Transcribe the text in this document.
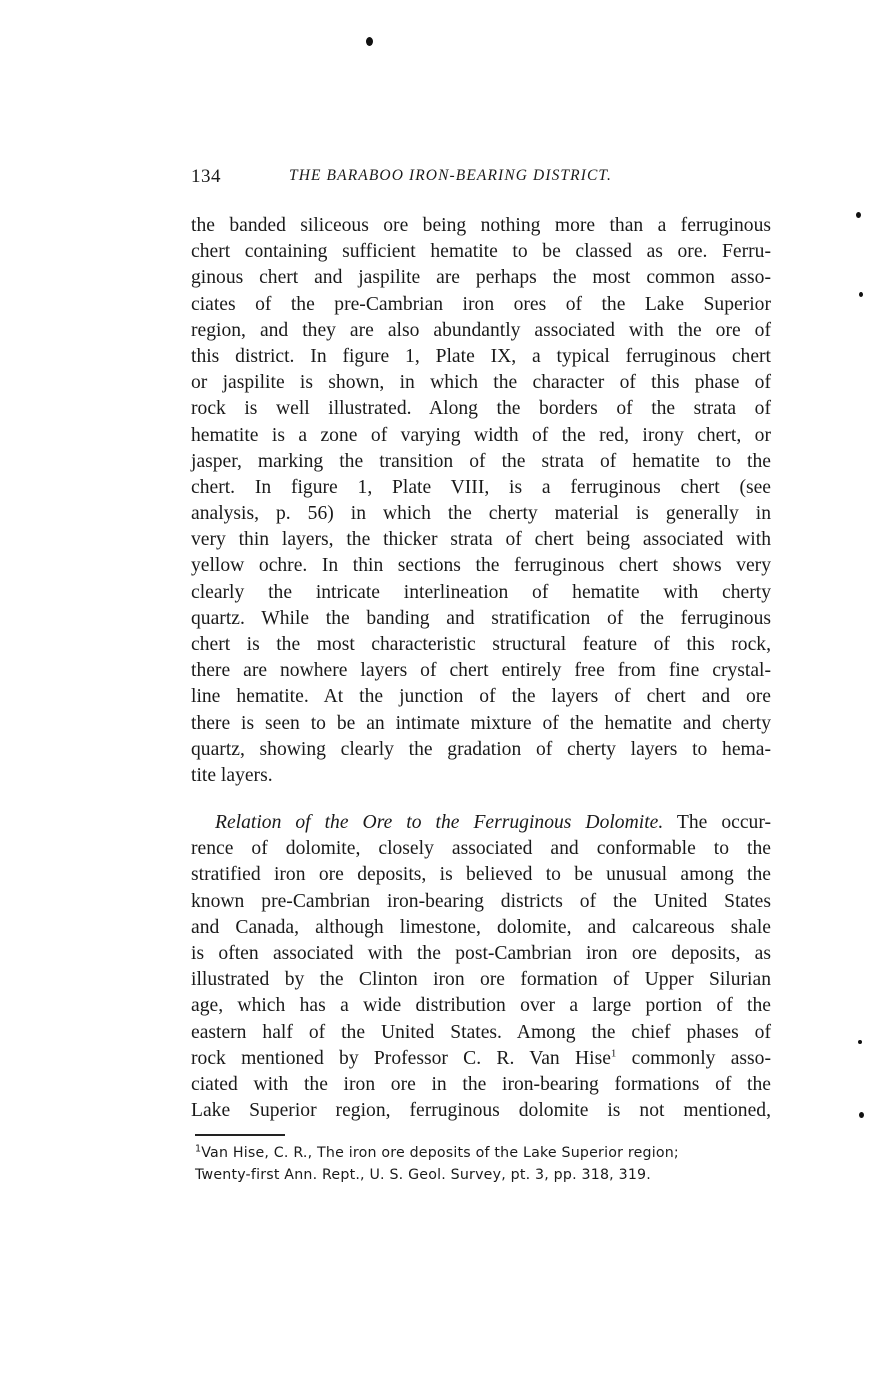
134	THE BARABOO IRON-BEARING DISTRICT.
the banded siliceous ore being nothing more than a ferruginous
chert containing sufficient hematite to be classed as ore. Ferru-
ginous chert and jaspilite are perhaps the most common asso-
ciates of the pre-Cambrian iron ores of the Lake Superior
region, and they are also abundantly associated with the ore of
this district. In figure 1, Plate IX, a typical ferruginous chert
or jaspilite is shown, in which the character of this phase of
rock is well illustrated. Along the borders of the strata of
hematite is a zone of varying width of the red, irony chert, or
jasper, marking the transition of the strata of hematite to the
chert. In figure 1, Plate VIII, is a ferruginous chert (see
analysis, p. 56) in which the cherty material is generally in
very thin layers, the thicker strata of chert being associated with
yellow ochre. In thin sections the ferruginous chert shows very
clearly the intricate interlineation of hematite with cherty
quartz. While the banding and stratification of the ferruginous
chert is the most characteristic structural feature of this rock,
there are nowhere layers of chert entirely free from fine crystal-
line hematite. At the junction of the layers of chert and ore
there is seen to be an intimate mixture of the hematite and cherty
quartz, showing clearly the gradation of cherty layers to hema-
tite layers.
Relation of the Ore to the Ferruginous Dolomite. The occur-
rence of dolomite, closely associated and conformable to the
stratified iron ore deposits, is believed to be unusual among the
known pre-Cambrian iron-bearing districts of the United States
and Canada, although limestone, dolomite, and calcareous shale
is often associated with the post-Cambrian iron ore deposits, as
illustrated by the Clinton iron ore formation of Upper Silurian
age, which has a wide distribution over a large portion of the
eastern half of the United States. Among the chief phases of
rock mentioned by Professor C. R. Van Hise$^1$ commonly asso-
ciated with the iron ore in the iron-bearing formations of the
Lake Superior region, ferruginous dolomite is not mentioned,
$^1$Van Hise, C. R., The iron ore deposits of the Lake Superior region;
Twenty-first Ann. Rept., U. S. Geol. Survey, pt. 3, pp. 318, 319.
